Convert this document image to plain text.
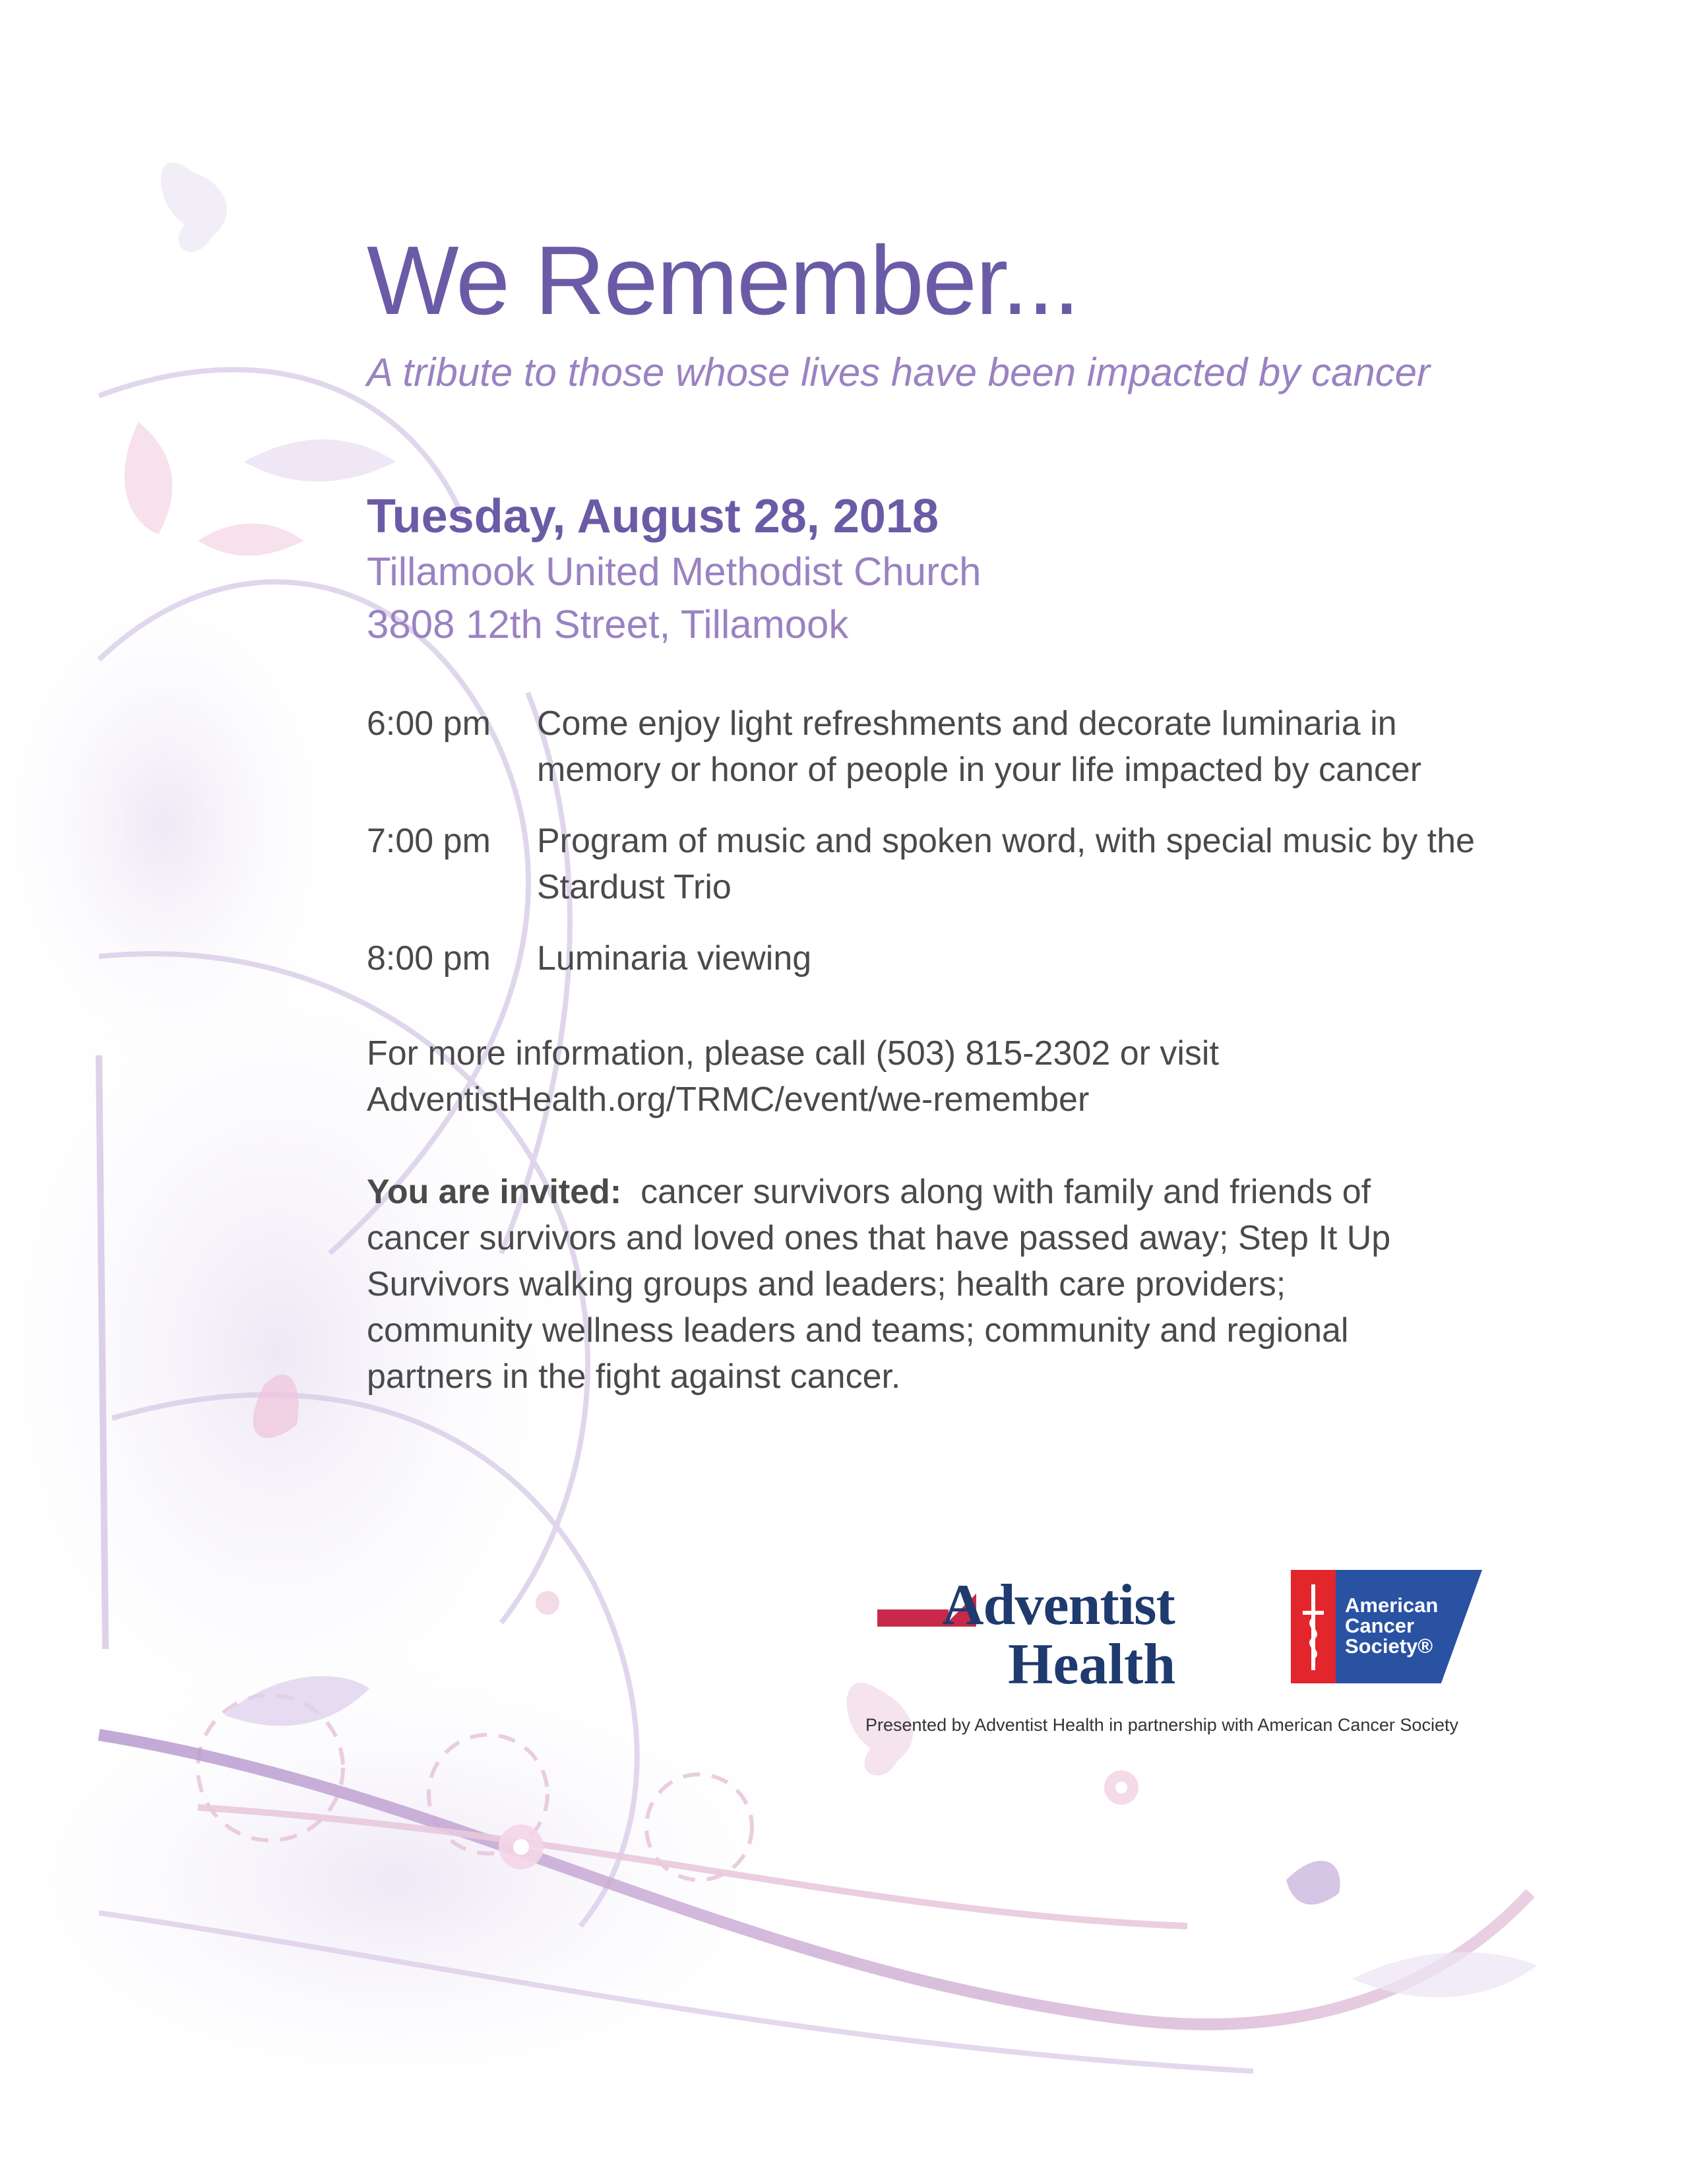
We Remember...
A tribute to those whose lives have been impacted by cancer
Tuesday, August 28, 2018
Tillamook United Methodist Church
3808 12th Street, Tillamook
6:00 pm Come enjoy light refreshments and decorate luminaria in memory or honor of people in your life impacted by cancer
7:00 pm Program of music and spoken word, with special music by the Stardust Trio
8:00 pm Luminaria viewing
For more information, please call (503) 815-2302 or visit
AdventistHealth.org/TRMC/event/we-remember
You are invited: cancer survivors along with family and friends of cancer survivors and loved ones that have passed away; Step It Up Survivors walking groups and leaders; health care providers; community wellness leaders and teams; community and regional partners in the fight against cancer.
Adventist
Health
American
Cancer
Society®
Presented by Adventist Health in partnership with American Cancer Society
